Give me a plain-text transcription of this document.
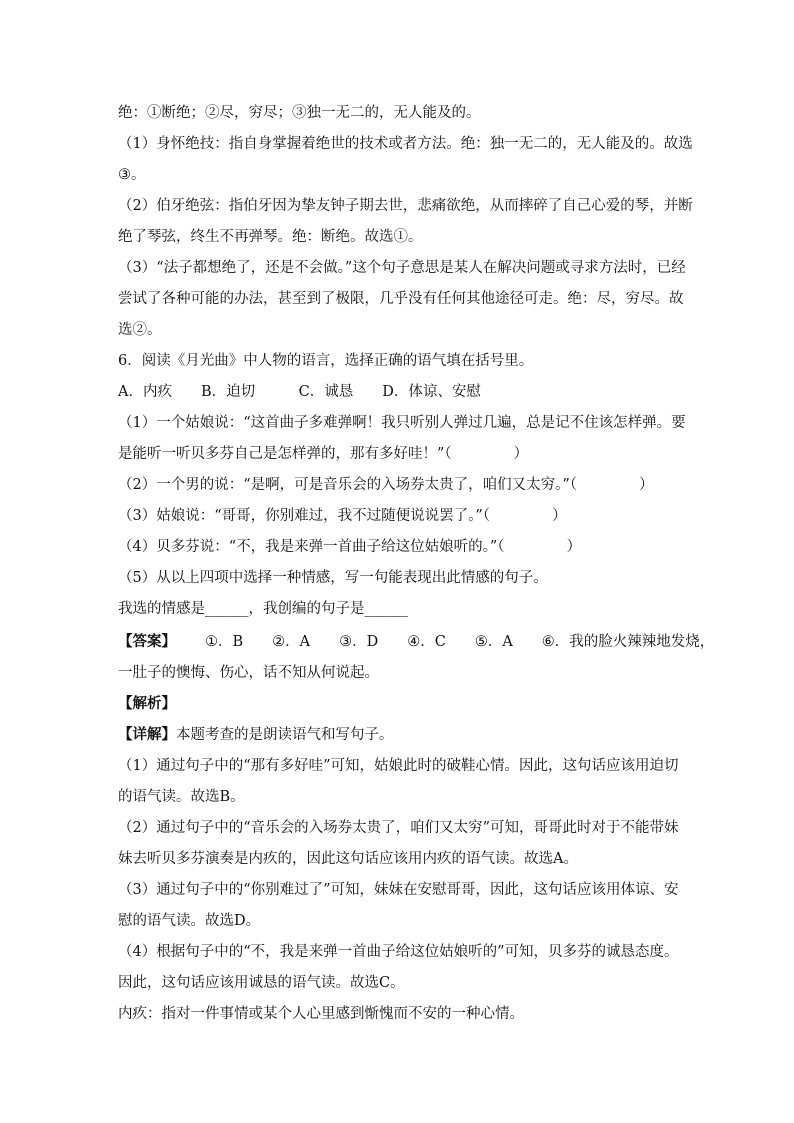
绝：①断绝；②尽，穷尽；③独一无二的，无人能及的。
（1）身怀绝技：指自身掌握着绝世的技术或者方法。绝：独一无二的，无人能及的。故选
③。
（2）伯牙绝弦：指伯牙因为挚友钟子期去世，悲痛欲绝，从而摔碎了自己心爱的琴，并断
绝了琴弦，终生不再弹琴。绝：断绝。故选①。
（3）“法子都想绝了，还是不会做。”这个句子意思是某人在解决问题或寻求方法时，已经
尝试了各种可能的办法，甚至到了极限，几乎没有任何其他途径可走。绝：尽，穷尽。故
选②。
6．阅读《月光曲》中人物的语言，选择正确的语气填在括号里。
A．内疚　　B．迫切　　　C．诚恳　　D．体谅、安慰
（1）一个姑娘说：“这首曲子多难弹啊！我只听别人弹过几遍，总是记不住该怎样弹。要
是能听一听贝多芬自己是怎样弹的，那有多好哇！”（	）
（2）一个男的说：“是啊，可是音乐会的入场券太贵了，咱们又太穷。”（	）
（3）姑娘说：“哥哥，你别难过，我不过随便说说罢了。”（	）
（4）贝多芬说：“不，我是来弹一首曲子给这位姑娘听的。”（	）
（5）从以上四项中选择一种情感，写一句能表现出此情感的句子。
我选的情感是______，我创编的句子是______
【答案】   ①．B　　②．A　　③．D　　④．C　　⑤．A　　⑥．我的脸火辣辣地发烧，
一肚子的懊悔、伤心，话不知从何说起。
【解析】
【详解】本题考查的是朗读语气和写句子。
（1）通过句子中的“那有多好哇”可知，姑娘此时的破鞋心情。因此，这句话应该用迫切
的语气读。故选B。
（2）通过句子中的“音乐会的入场券太贵了，咱们又太穷”可知，哥哥此时对于不能带妹
妹去听贝多芬演奏是内疚的，因此这句话应该用内疚的语气读。故选A。
（3）通过句子中的“你别难过了”可知，妹妹在安慰哥哥，因此，这句话应该用体谅、安
慰的语气读。故选D。
（4）根据句子中的“不，我是来弹一首曲子给这位姑娘听的”可知，贝多芬的诚恳态度。
因此，这句话应该用诚恳的语气读。故选C。
内疚：指对一件事情或某个人心里感到惭愧而不安的一种心情。
